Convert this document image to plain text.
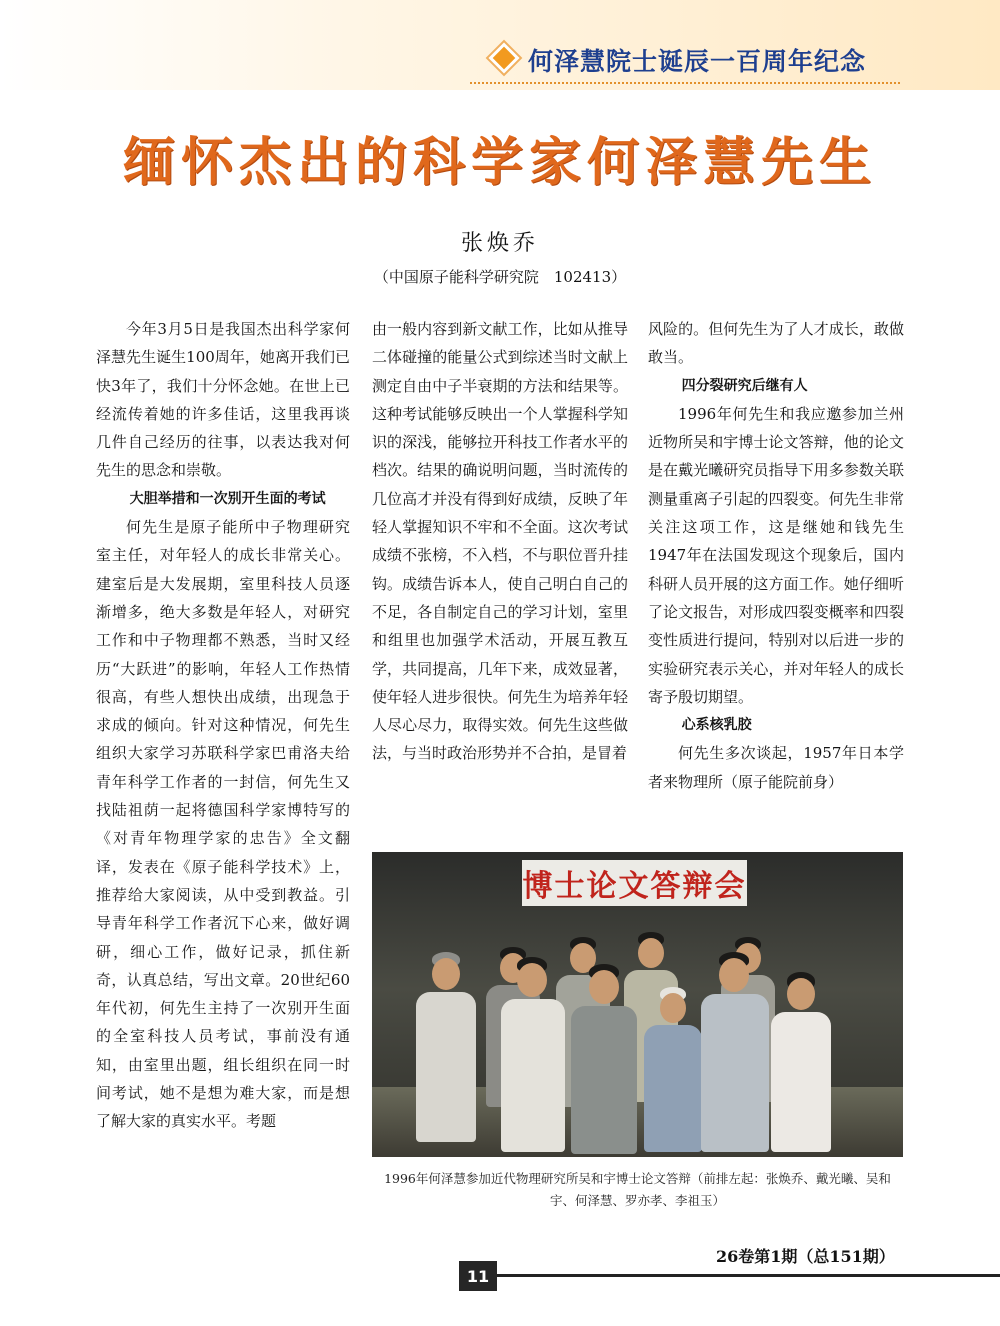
何泽慧院士诞辰一百周年纪念
缅怀杰出的科学家何泽慧先生
张焕乔
（中国原子能科学研究院　102413）

今年3月5日是我国杰出科学家何泽慧先生诞生100周年，她离开我们已快3年了，我们十分怀念她。在世上已经流传着她的许多佳话，这里我再谈几件自己经历的往事，以表达我对何先生的思念和崇敬。

大胆举措和一次别开生面的考试

何先生是原子能所中子物理研究室主任，对年轻人的成长非常关心。建室后是大发展期，室里科技人员逐渐增多，绝大多数是年轻人，对研究工作和中子物理都不熟悉，当时又经历“大跃进”的影响，年轻人工作热情很高，有些人想快出成绩，出现急于求成的倾向。针对这种情况，何先生组织大家学习苏联科学家巴甫洛夫给青年科学工作者的一封信，何先生又找陆祖荫一起将德国科学家博特写的《对青年物理学家的忠告》全文翻译，发表在《原子能科学技术》上，推荐给大家阅读，从中受到教益。引导青年科学工作者沉下心来，做好调研，细心工作，做好记录，抓住新奇，认真总结，写出文章。20世纪60年代初，何先生主持了一次别开生面的全室科技人员考试，事前没有通知，由室里出题，组长组织在同一时间考试，她不是想为难大家，而是想了解大家的真实水平。考题

由一般内容到新文献工作，比如从推导二体碰撞的能量公式到综述当时文献上测定自由中子半衰期的方法和结果等。这种考试能够反映出一个人掌握科学知识的深浅，能够拉开科技工作者水平的档次。结果的确说明问题，当时流传的几位高才并没有得到好成绩，反映了年轻人掌握知识不牢和不全面。这次考试成绩不张榜，不入档，不与职位晋升挂钩。成绩告诉本人，使自己明白自己的不足，各自制定自己的学习计划，室里和组里也加强学术活动，开展互教互学，共同提高，几年下来，成效显著，使年轻人进步很快。何先生为培养年轻人尽心尽力，取得实效。何先生这些做法，与当时政治形势并不合拍，是冒着

风险的。但何先生为了人才成长，敢做敢当。

四分裂研究后继有人

1996年何先生和我应邀参加兰州近物所吴和宇博士论文答辩，他的论文是在戴光曦研究员指导下用多参数关联测量重离子引起的四裂变。何先生非常关注这项工作，这是继她和钱先生1947年在法国发现这个现象后，国内科研人员开展的这方面工作。她仔细听了论文报告，对形成四裂变概率和四裂变性质进行提问，特别对以后进一步的实验研究表示关心，并对年轻人的成长寄予殷切期望。

心系核乳胶

何先生多次谈起，1957年日本学者来物理所（原子能院前身）

博士论文答辩会
1996年何泽慧参加近代物理研究所吴和宇博士论文答辩（前排左起：张焕乔、戴光曦、吴和宇、何泽慧、罗亦孝、李祖玉）
26卷第1期（总151期）
11
